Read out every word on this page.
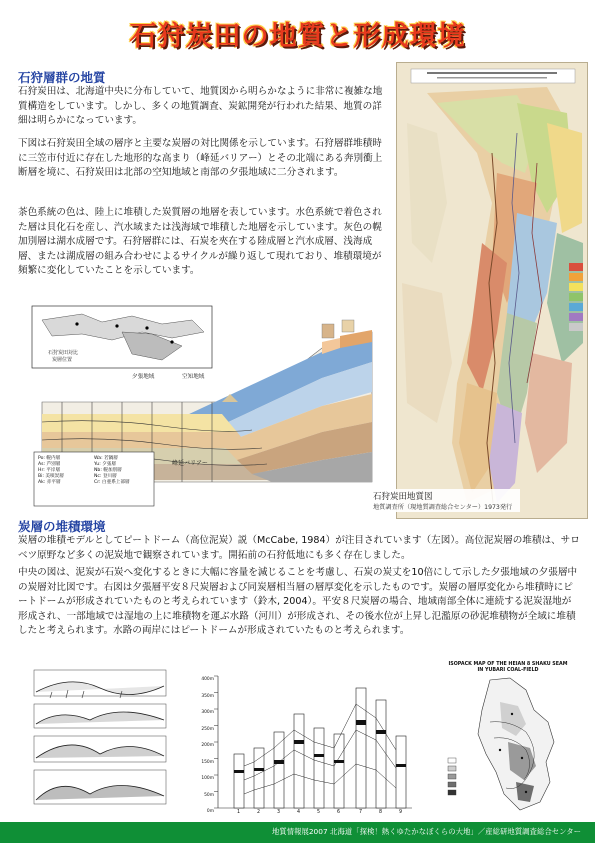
石狩炭田の地質と形成環境
石狩層群の地質
石狩炭田は、北海道中央に分布していて、地質図から明らかなように非常に複雑な地質構造をしています。しかし、多くの地質調査、炭鉱開発が行われた結果、地質の詳細は明らかになっています。
下図は石狩炭田全域の層序と主要な炭層の対比関係を示しています。石狩層群堆積時に三笠市付近に存在した地形的な高まり（峰延バリアー）とその北端にある奔別衝上断層を境に、石狩炭田は北部の空知地域と南部の夕張地域に二分されます。
茶色系統の色は、陸上に堆積した炭質層の地層を表しています。水色系統で着色された層は貝化石を産し、汽水域または浅海域で堆積した地層を示しています。灰色の幌加別層は湖水成層です。石狩層群には、石炭を夾在する陸成層と汽水成層、浅海成層、または湖成層の組み合わせによるサイクルが繰り返して現れており、堆積環境が頻繁に変化していたことを示しています。
石狩炭田地質図
地質調査所（現地質調査総合センター）1973発行
石狩炭田対比
炭層位置
夕張地域	空知地域
峰延バリアー
Po: 幌内層
As: 芦別層
Hr: 平岸層
Bi: 美唄炭層
Ak: 赤平層
Wa: 若鍋層
Yu: 夕張層
Nb: 幌加別層
Nc: 登川層
Cr: 白亜系上部層
炭層の堆積環境
炭層の堆積モデルとしてピートドーム（高位泥炭）説（McCabe, 1984）が注目されています（左図）。高位泥炭層の堆積は、サロベツ原野など多くの泥炭地で観察されています。開拓前の石狩低地にも多く存在しました。
中央の図は、泥炭が石炭へ変化するときに大幅に容量を減じることを考慮し、石炭の炭丈を10倍にして示した夕張地域の夕張層中の炭層対比図です。右図は夕張層平安８尺炭層および同炭層相当層の層厚変化を示したものです。炭層の層厚変化から堆積時にピートドームが形成されていたものと考えられています（鈴木, 2004）。平安８尺炭層の場合、地域南部全体に連続する泥炭湿地が形成され、一部地域では湿地の上に堆積物を運ぶ水路（河川）が形成され、その後水位が上昇し氾濫原の砂泥堆積物が全域に堆積したと考えられます。水路の両岸にはピートドームが形成されていたものと考えられます。
400m
350m
300m
250m
200m
150m
100m
50m
0m	1	2	3	4	5	6	7	8	9
ISOPACK MAP OF THE HEIAN 8 SHAKU SEAM
IN YUBARI COAL-FIELD
地質情報展2007 北海道「探検！熱くゆたかなぼくらの大地」／産総研地質調査総合センター
